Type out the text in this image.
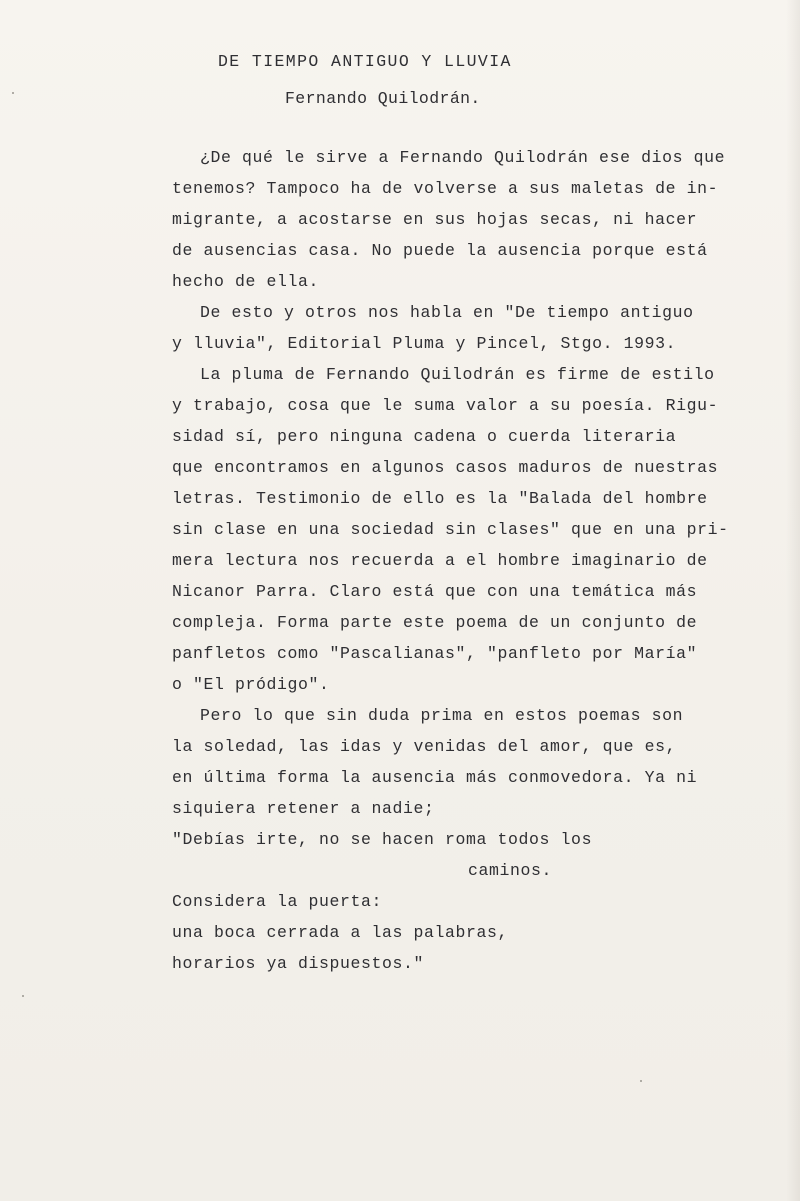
DE TIEMPO ANTIGUO Y LLUVIA

Fernando Quilodrán.

¿De qué le sirve a Fernando Quilodrán ese dios que

tenemos? Tampoco ha de volverse a sus maletas de in-

migrante, a acostarse en sus hojas secas, ni hacer

de ausencias casa. No puede la ausencia porque está

hecho de ella.

De esto y otros nos habla en "De tiempo antiguo

y lluvia", Editorial Pluma y Pincel, Stgo. 1993.

La pluma de Fernando Quilodrán es firme de estilo

y trabajo, cosa que le suma valor a su poesía. Rigu-

sidad sí, pero ninguna cadena o cuerda literaria

que encontramos en algunos casos maduros de nuestras

letras. Testimonio de ello es la "Balada del hombre

sin clase en una sociedad sin clases" que en una pri-

mera lectura nos recuerda a el hombre imaginario de

Nicanor Parra. Claro está que con una temática más

compleja. Forma parte este poema de un conjunto de

panfletos como "Pascalianas", "panfleto por María"

o "El pródigo".

Pero lo que sin duda prima en estos poemas son

la soledad, las idas y venidas del amor, que es,

en última forma la ausencia más conmovedora. Ya ni

siquiera retener a nadie;

"Debías irte, no se hacen roma todos los

caminos.

Considera la puerta:

una boca cerrada a las palabras,

horarios ya dispuestos."
